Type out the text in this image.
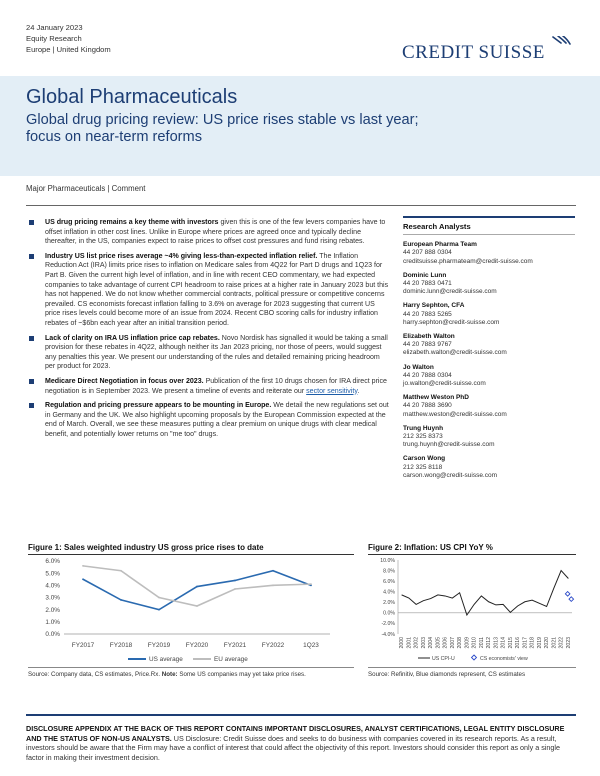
24 January 2023
Equity Research
Europe | United Kingdom	CREDIT SUISSE
Global Pharmaceuticals
Global drug pricing review: US price rises stable vs last year; focus on near-term reforms
Major Pharmaceuticals | Comment
US drug pricing remains a key theme with investors given this is one of the few levers companies have to offset inflation in other cost lines. Unlike in Europe where prices are agreed once and typically decline thereafter, in the US, companies expect to raise prices to offset cost pressures and fund rising rebates.
Industry US list price rises average ~4% giving less-than-expected inflation relief. The Inflation Reduction Act (IRA) limits price rises to inflation on Medicare sales from 4Q22 for Part D drugs and 1Q23 for Part B. Given the current high level of inflation, and in line with recent CEO commentary, we had expected companies to take advantage of current CPI headroom to raise prices at a higher rate in January 2023 but this has not happened. We do not know whether commercial contracts, political pressure or competitive concerns prevailed. CS economists forecast inflation falling to 3.6% on average for 2023 suggesting that current US price rises levels could become more of an issue from 2024. Recent CBO scoring calls for industry inflation rebates of ~$6bn each year after an initial transition period.
Lack of clarity on IRA US inflation price cap rebates. Novo Nordisk has signalled it would be taking a small provision for these rebates in 4Q22, although neither its Jan 2023 pricing, nor those of peers, would suggest any penalties this year. We present our understanding of the rules and detailed remaining pricing headroom per product for 2023.
Medicare Direct Negotiation in focus over 2023. Publication of the first 10 drugs chosen for IRA direct price negotiation is in September 2023. We present a timeline of events and reiterate our sector sensitivity.
Regulation and pricing pressure appears to be mounting in Europe. We detail the new regulations set out in Germany and the UK. We also highlight upcoming proposals by the European Commission expected at the end of March. Overall, we see these measures putting a clear premium on unique drugs with clear medical benefit, and potentially lower returns on "me too" drugs.
Research Analysts
European Pharma Team
44 207 888 0304
creditsuisse.pharmateam@credit-suisse.com
Dominic Lunn
44 20 7883 0471
dominic.lunn@credit-suisse.com
Harry Sephton, CFA
44 20 7883 5265
harry.sephton@credit-suisse.com
Elizabeth Walton
44 20 7883 9767
elizabeth.walton@credit-suisse.com
Jo Walton
44 20 7888 0304
jo.walton@credit-suisse.com
Matthew Weston PhD
44 20 7888 3690
matthew.weston@credit-suisse.com
Trung Huynh
212 325 8373
trung.huynh@credit-suisse.com
Carson Wong
212 325 8118
carson.wong@credit-suisse.com
Figure 1: Sales weighted industry US gross price rises to date
0.0%
1.0%
2.0%
3.0%
4.0%
5.0%
6.0%
FY2017 FY2018 FY2019 FY2020 FY2021 FY2022	1Q23
US average	EU average
Source: Company data, CS estimates, Price.Rx. Note: Some US companies may yet take price rises.
Figure 2: Inflation: US CPI YoY %
-4.0%
-2.0%
0.0%
2.0%
4.0%
6.0%
8.0%
10.0%
2000 2001 2002 2003 2004 2005 2006 2007 2008 2009 2010 2011 2012 2013 2014 2015 2016 2017 2018 2019 2020 2021 2022 2023
US CPI-U	CS economists' view
Source: Refinitiv, Blue diamonds represent, CS estimates
DISCLOSURE APPENDIX AT THE BACK OF THIS REPORT CONTAINS IMPORTANT DISCLOSURES, ANALYST CERTIFICATIONS, LEGAL ENTITY DISCLOSURE AND THE STATUS OF NON-US ANALYSTS. US Disclosure: Credit Suisse does and seeks to do business with companies covered in its research reports. As a result, investors should be aware that the Firm may have a conflict of interest that could affect the objectivity of this report. Investors should consider this report as only a single factor in making their investment decision.
